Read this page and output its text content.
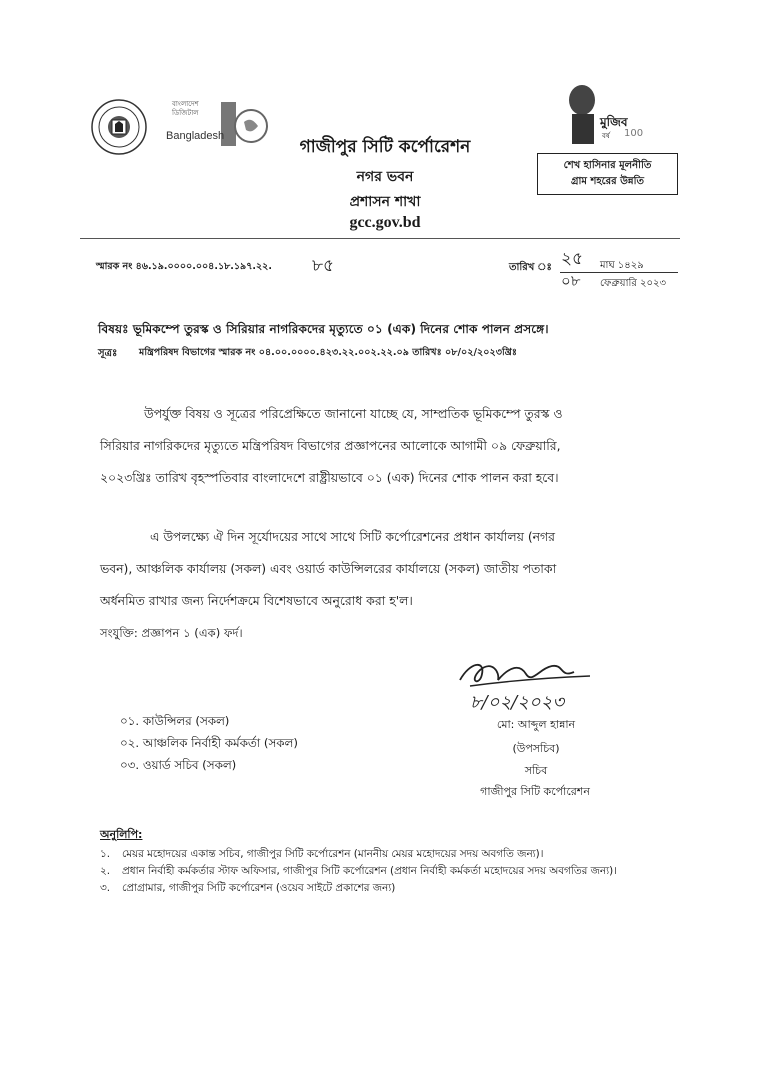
বাংলাদেশ ডিজিটাল
Bangladesh
মুজিব
বর্ষ 100
গাজীপুর সিটি কর্পোরেশন
নগর ভবন
প্রশাসন শাখা
gcc.gov.bd
শেখ হাসিনার মূলনীতি
গ্রাম শহরের উন্নতি
স্মারক নং ৪৬.১৯.০০০০.০০৪.১৮.১৯৭.২২. ৮৫	তারিখ ঃ ২৫ মাঘ ১৪২৯
০৮ ফেব্রুয়ারি ২০২৩
বিষয়ঃ ভূমিকম্পে তুরস্ক ও সিরিয়ার নাগরিকদের মৃত্যুতে ০১ (এক) দিনের শোক পালন প্রসঙ্গে।
সূত্রঃ মন্ত্রিপরিষদ বিভাগের স্মারক নং ০৪.০০.০০০০.৪২৩.২২.০০২.২২.০৯ তারিখঃ ০৮/০২/২০২৩খ্রিঃ
উপর্যুক্ত বিষয় ও সূত্রের পরিপ্রেক্ষিতে জানানো যাচ্ছে যে, সাম্প্রতিক ভূমিকম্পে তুরস্ক ও
সিরিয়ার নাগরিকদের মৃত্যুতে মন্ত্রিপরিষদ বিভাগের প্রজ্ঞাপনের আলোকে আগামী ০৯ ফেব্রুয়ারি,
২০২৩খ্রিঃ তারিখ বৃহস্পতিবার বাংলাদেশে রাষ্ট্রীয়ভাবে ০১ (এক) দিনের শোক পালন করা হবে।
এ উপলক্ষ্যে ঐ দিন সূর্যোদয়ের সাথে সাথে সিটি কর্পোরেশনের প্রধান কার্যালয় (নগর
ভবন), আঞ্চলিক কার্যালয় (সকল) এবং ওয়ার্ড কাউন্সিলরের কার্যালয়ে (সকল) জাতীয় পতাকা
অর্ধনমিত রাখার জন্য নির্দেশক্রমে বিশেষভাবে অনুরোধ করা হ'ল।
সংযুক্তি: প্রজ্ঞাপন ১ (এক) ফর্দ।
৮/০২/২০২৩
মো: আব্দুল হান্নান
(উপসচিব)
সচিব
গাজীপুর সিটি কর্পোরেশন
০১. কাউন্সিলর (সকল)
০২. আঞ্চলিক নির্বাহী কর্মকর্তা (সকল)
০৩. ওয়ার্ড সচিব (সকল)
অনুলিপি:
১.	মেয়র মহোদয়ের একান্ত সচিব, গাজীপুর সিটি কর্পোরেশন (মাননীয় মেয়র মহোদয়ের সদয় অবগতি জন্য)।
২.	প্রধান নির্বাহী কর্মকর্তার স্টাফ অফিসার, গাজীপুর সিটি কর্পোরেশন (প্রধান নির্বাহী কর্মকর্তা মহোদয়ের সদয় অবগতির জন্য)।
৩.	প্রোগ্রামার, গাজীপুর সিটি কর্পোরেশন (ওয়েব সাইটে প্রকাশের জন্য)
